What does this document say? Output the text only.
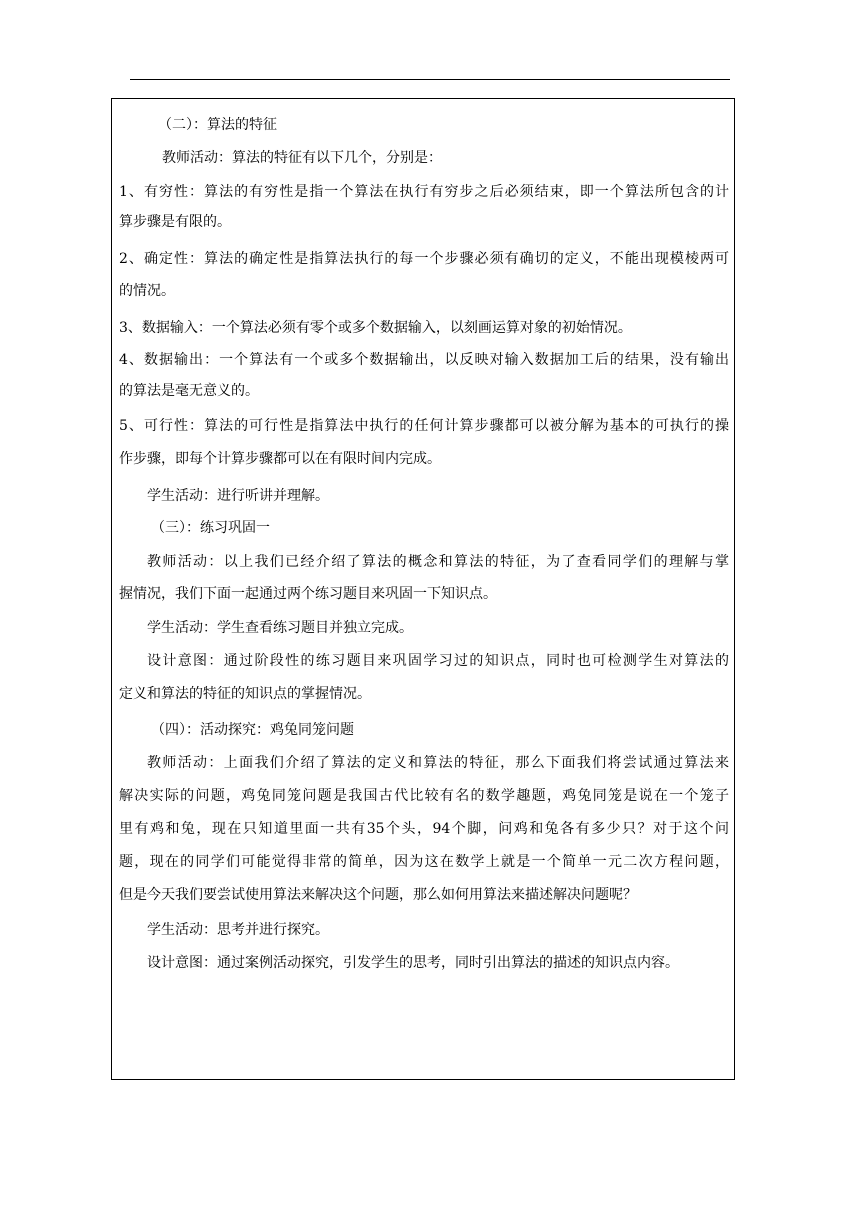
（二）：算法的特征
教师活动：算法的特征有以下几个，分别是：
1、有穷性：算法的有穷性是指一个算法在执行有穷步之后必须结束，即一个算法所包含的计
算步骤是有限的。
2、确定性：算法的确定性是指算法执行的每一个步骤必须有确切的定义，不能出现模棱两可
的情况。
3、数据输入：一个算法必须有零个或多个数据输入，以刻画运算对象的初始情况。
4、数据输出：一个算法有一个或多个数据输出，以反映对输入数据加工后的结果，没有输出
的算法是毫无意义的。
5、可行性：算法的可行性是指算法中执行的任何计算步骤都可以被分解为基本的可执行的操
作步骤，即每个计算步骤都可以在有限时间内完成。
学生活动：进行听讲并理解。
（三）：练习巩固一
教师活动：以上我们已经介绍了算法的概念和算法的特征，为了查看同学们的理解与掌
握情况，我们下面一起通过两个练习题目来巩固一下知识点。
学生活动：学生查看练习题目并独立完成。
设计意图：通过阶段性的练习题目来巩固学习过的知识点，同时也可检测学生对算法的
定义和算法的特征的知识点的掌握情况。
（四）：活动探究：鸡兔同笼问题
教师活动：上面我们介绍了算法的定义和算法的特征，那么下面我们将尝试通过算法来
解决实际的问题，鸡兔同笼问题是我国古代比较有名的数学趣题，鸡兔同笼是说在一个笼子
里有鸡和兔，现在只知道里面一共有35个头，94个脚，问鸡和兔各有多少只？对于这个问
题，现在的同学们可能觉得非常的简单，因为这在数学上就是一个简单一元二次方程问题，
但是今天我们要尝试使用算法来解决这个问题，那么如何用算法来描述解决问题呢？
学生活动：思考并进行探究。
设计意图：通过案例活动探究，引发学生的思考，同时引出算法的描述的知识点内容。
